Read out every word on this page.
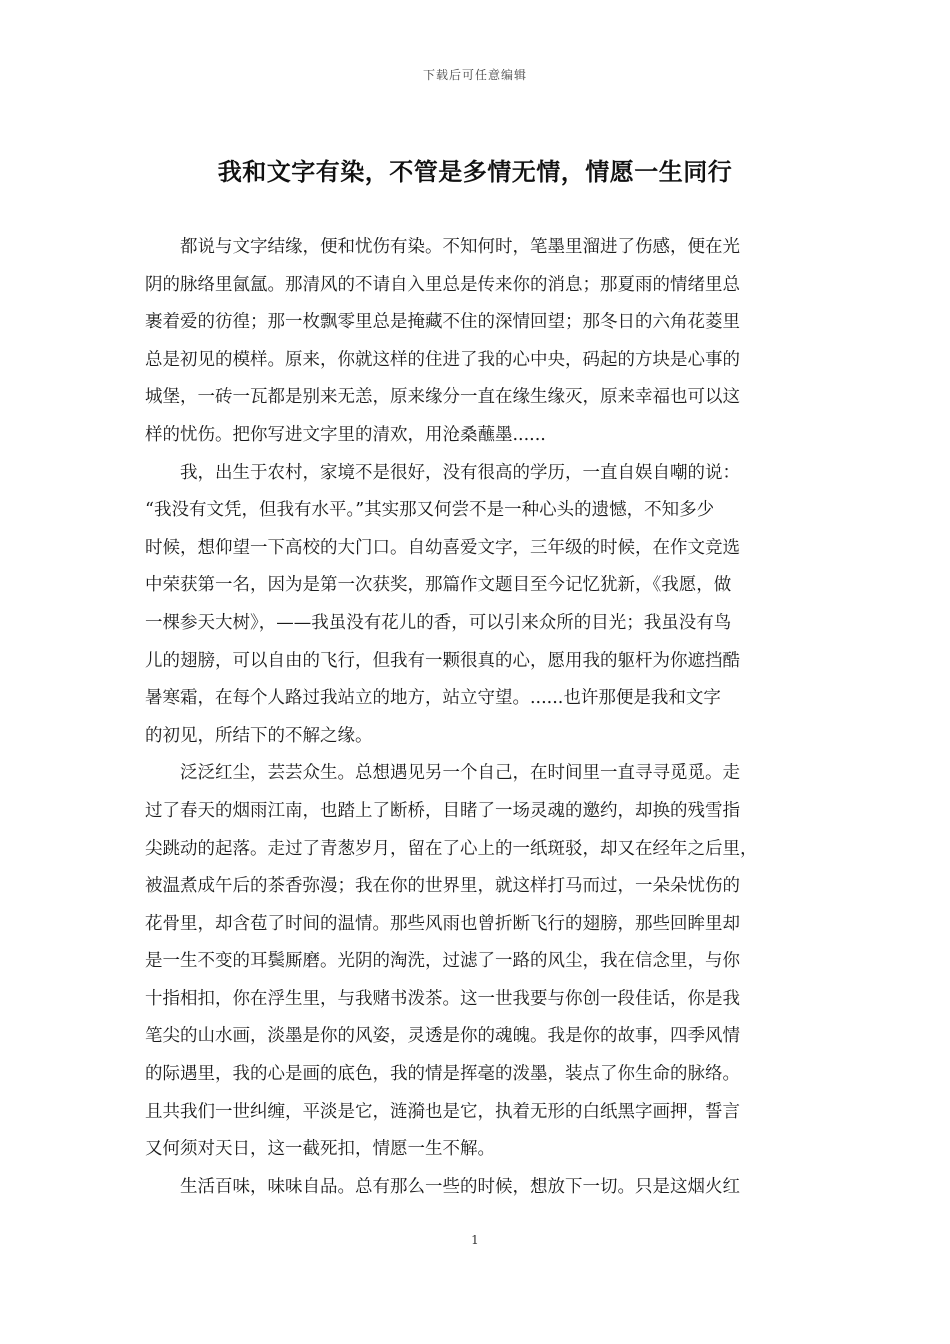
下载后可任意编辑
我和文字有染，不管是多情无情，情愿一生同行

都说与文字结缘，便和忧伤有染。不知何时，笔墨里溜进了伤感，便在光
阴的脉络里氤氲。那清风的不请自入里总是传来你的消息；那夏雨的情绪里总
裹着爱的彷徨；那一枚飘零里总是掩藏不住的深情回望；那冬日的六角花菱里
总是初见的模样。原来，你就这样的住进了我的心中央，码起的方块是心事的
城堡，一砖一瓦都是别来无恙，原来缘分一直在缘生缘灭，原来幸福也可以这
样的忧伤。把你写进文字里的清欢，用沧桑蘸墨......

我，出生于农村，家境不是很好，没有很高的学历，一直自娱自嘲的说：
“我没有文凭，但我有水平。”其实那又何尝不是一种心头的遗憾，不知多少
时候，想仰望一下高校的大门口。自幼喜爱文字，三年级的时候，在作文竞选
中荣获第一名，因为是第一次获奖，那篇作文题目至今记忆犹新，《我愿，做
一棵参天大树》，——我虽没有花儿的香，可以引来众所的目光；我虽没有鸟
儿的翅膀，可以自由的飞行，但我有一颗很真的心，愿用我的躯杆为你遮挡酷
暑寒霜，在每个人路过我站立的地方，站立守望。......也许那便是我和文字
的初见，所结下的不解之缘。

泛泛红尘，芸芸众生。总想遇见另一个自己，在时间里一直寻寻觅觅。走
过了春天的烟雨江南，也踏上了断桥，目睹了一场灵魂的邀约，却换的残雪指
尖跳动的起落。走过了青葱岁月，留在了心上的一纸斑驳，却又在经年之后里，
被温煮成午后的茶香弥漫；我在你的世界里，就这样打马而过，一朵朵忧伤的
花骨里，却含苞了时间的温情。那些风雨也曾折断飞行的翅膀，那些回眸里却
是一生不变的耳鬓厮磨。光阴的淘洗，过滤了一路的风尘，我在信念里，与你
十指相扣，你在浮生里，与我赌书泼茶。这一世我要与你创一段佳话，你是我
笔尖的山水画，淡墨是你的风姿，灵透是你的魂魄。我是你的故事，四季风情
的际遇里，我的心是画的底色，我的情是挥毫的泼墨，装点了你生命的脉络。
且共我们一世纠缠，平淡是它，涟漪也是它，执着无形的白纸黑字画押，誓言
又何须对天日，这一截死扣，情愿一生不解。

生活百味，味味自品。总有那么一些的时候，想放下一切。只是这烟火红

1
